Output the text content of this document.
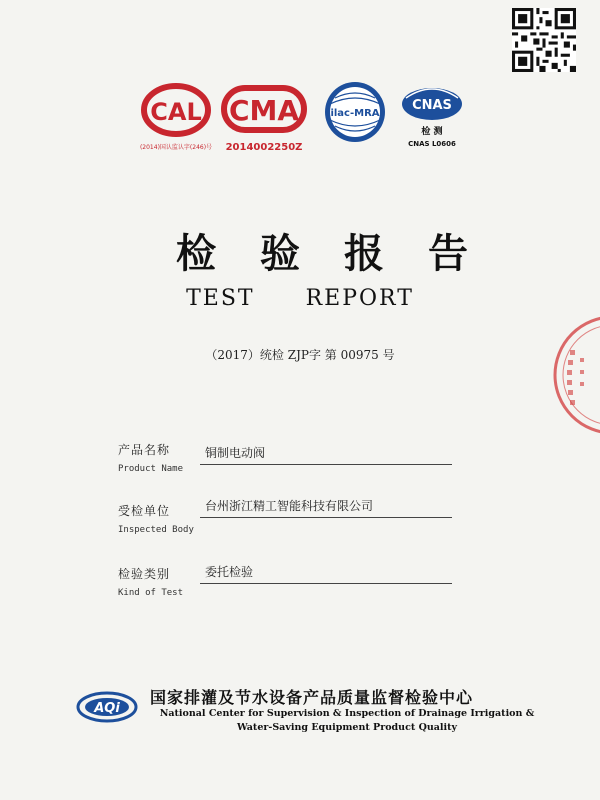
CAL
(2014)国认监认字(246)号
CMA
2014002250Z
ilac-MRA
CNAS
检 测
CNAS L0606
检验报告
TEST REPORT
（2017）统检 ZJP字 第 00975 号
产品名称
Product Name
铜制电动阀
受检单位
Inspected Body
台州浙江精工智能科技有限公司
检验类别
Kind of Test
委托检验
AQi
国家排灌及节水设备产品质量监督检验中心
National Center for Supervision & Inspection of Drainage Irrigation &
Water-Saving Equipment Product Quality
